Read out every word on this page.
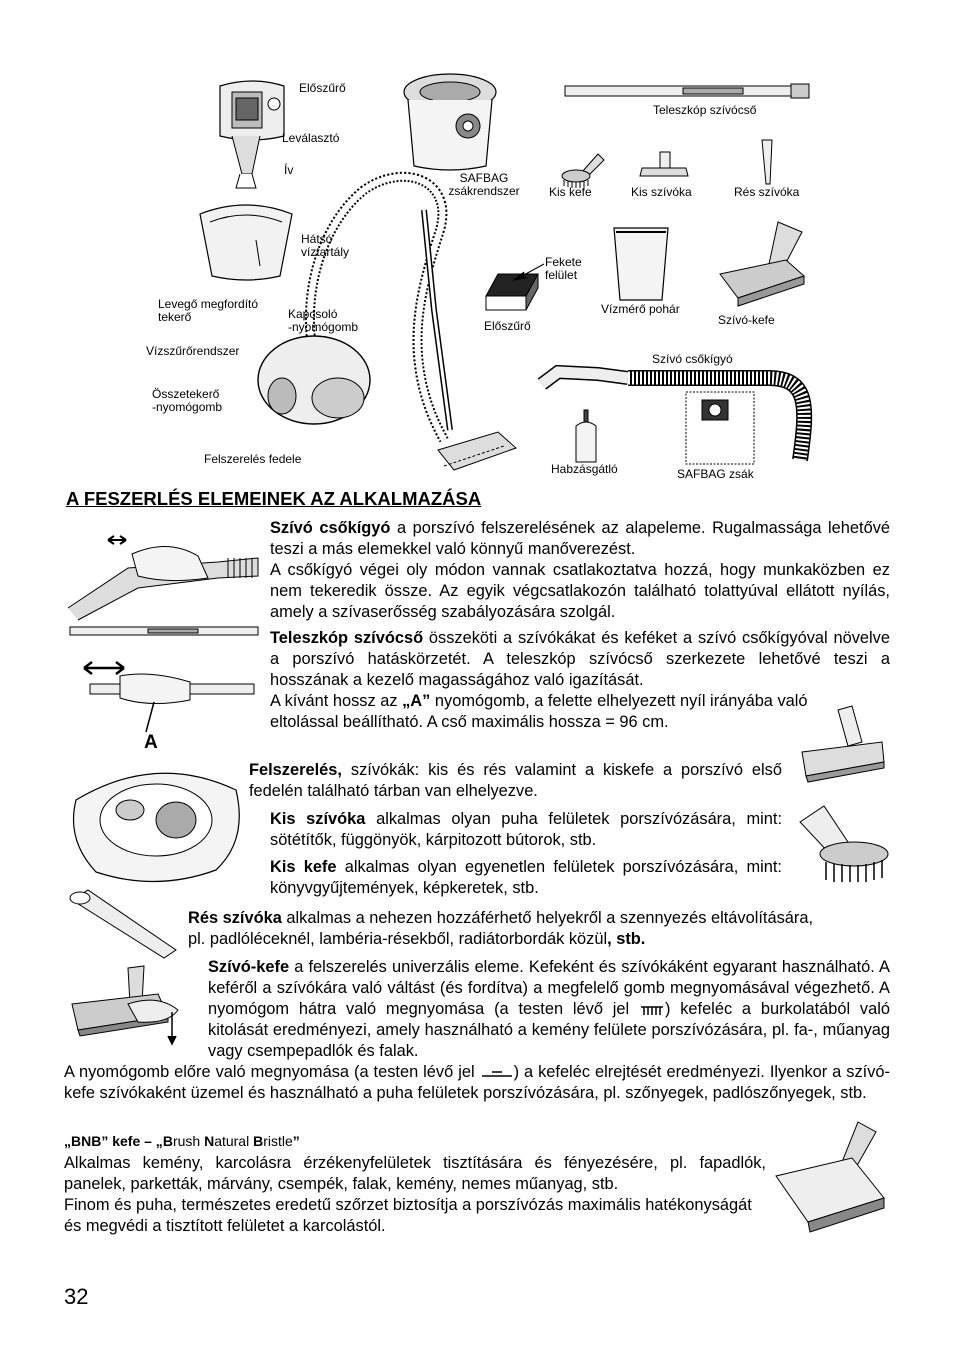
Előszűrő
Leválasztó
Ív
SAFBAG
zsákrendszer
Teleszkóp szívócső
Kis kefe	Kis szívóka	Rés szívóka
Hátsó
víztartály
Fekete
felület
Levegő megfordító
tekerő	Kapcsoló
-nyomógomb	Előszűrő
Vízmérő pohár
Szívó-kefe
Vízszűrőrendszer
Szívó csőkígyó
Összetekerő
-nyomógomb
Felszerelés fedele
Habzásgátló	SAFBAG zsák
A FESZERLÉS ELEMEINEK AZ ALKALMAZÁSA
A
Szívó csőkígyó a porszívó felszerelésének az alapeleme. Rugalmassága lehetővé teszi a más elemekkel való könnyű manőverezést.
A csőkígyó végei oly módon vannak csatlakoztatva hozzá, hogy munkaközben ez nem tekeredik össze. Az egyik végcsatlakozón található tolattyúval ellátott nyílás, amely a szívaserősség szabályozására szolgál.
Teleszkóp szívócső összeköti a szívókákat és keféket a szívó csőkígyóval növelve a porszívó hatáskörzetét. A teleszkóp szívócső szerkezete lehetővé teszi a hosszának a kezelő magasságához való igazítását.
A kívánt hossz az „A” nyomógomb, a felette elhelyezett nyíl irányába való
eltolással beállítható. A cső maximális hossza = 96 cm.
Felszerelés, szívókák: kis és rés valamint a kiskefe a porszívó első fedelén található tárban van elhelyezve.
Kis szívóka alkalmas olyan puha felületek porszívózására, mint: sötétítők, függönyök, kárpitozott bútorok, stb.
Kis kefe alkalmas olyan egyenetlen felületek porszívózására, mint: könyvgyűjtemények, képkeretek, stb.
Rés szívóka alkalmas a nehezen hozzáférhető helyekről a szennyezés eltávolítására, pl. padlóléceknél, lambéria-résekből, radiátorbordák közül, stb.
Szívó-kefe a felszerelés univerzális eleme. Kefeként és szívókáként egyarant használható. A keféről a szívókára való váltást (és fordítva) a megfelelő gomb megnyomásával végezhető. A nyomógom hátra való megnyomása (a testen lévő jel ) kefeléc a burkolatából való kitolását eredményezi, amely használható a kemény felülete porszívózására, pl. fa-, műanyag vagy csempepadlók és falak.
A nyomógomb előre való megnyomása (a testen lévő jel ) a kefeléc elrejtését eredményezi. Ilyenkor a szívó-kefe szívókaként üzemel és használható a puha felületek porszívózására, pl. szőnyegek, padlószőnyegek, stb.
„BNB” kefe – „Brush Natural Bristle”
Alkalmas kemény, karcolásra érzékenyfelületek tisztítására és fényezésére, pl. fapadlók, panelek, parketták, márvány, csempék, falak, kemény, nemes műanyag, stb.
Finom és puha, természetes eredetű szőrzet biztosítja a porszívózás maximális hatékonyságát és megvédi a tisztított felületet a karcolástól.
32
